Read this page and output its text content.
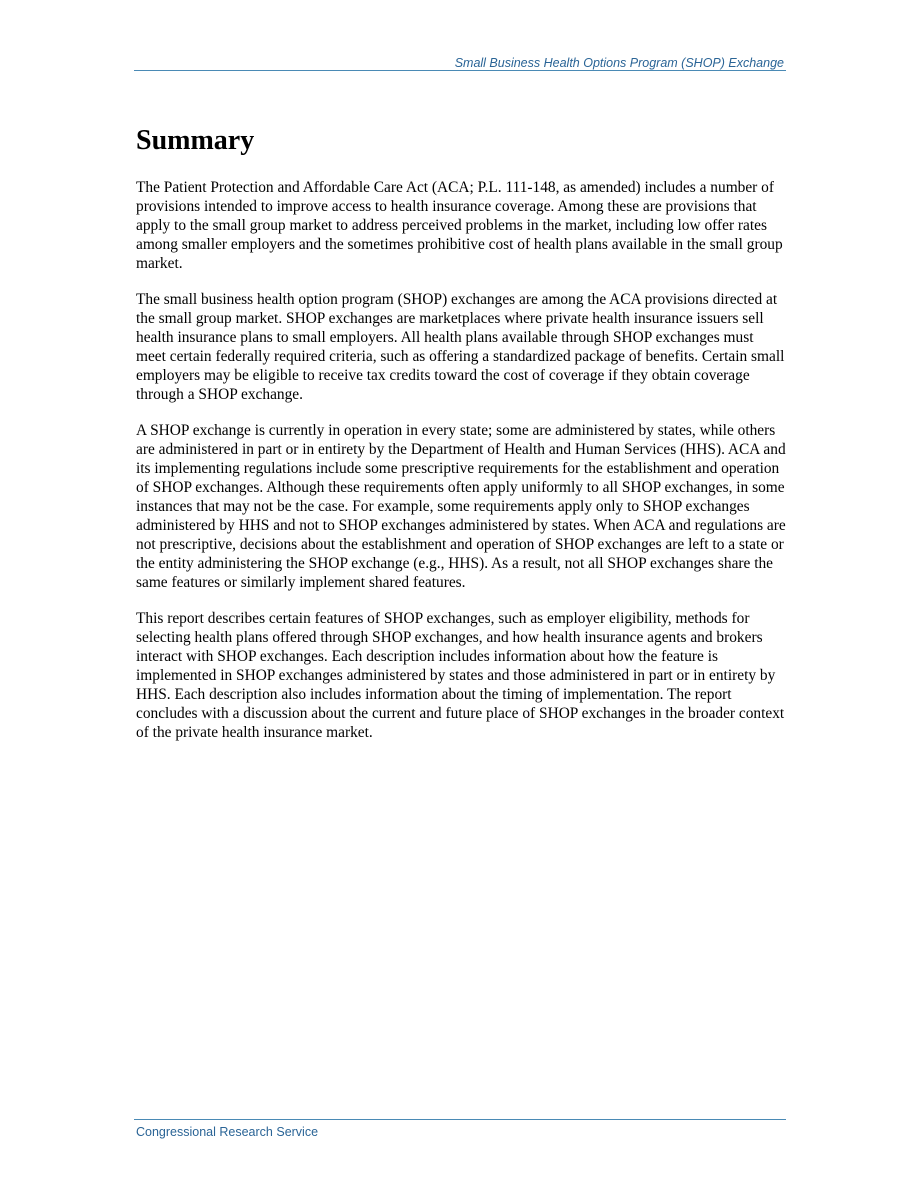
Small Business Health Options Program (SHOP) Exchange
Summary

The Patient Protection and Affordable Care Act (ACA; P.L. 111-148, as amended) includes a number of provisions intended to improve access to health insurance coverage. Among these are provisions that apply to the small group market to address perceived problems in the market, including low offer rates among smaller employers and the sometimes prohibitive cost of health plans available in the small group market.

The small business health option program (SHOP) exchanges are among the ACA provisions directed at the small group market. SHOP exchanges are marketplaces where private health insurance issuers sell health insurance plans to small employers. All health plans available through SHOP exchanges must meet certain federally required criteria, such as offering a standardized package of benefits. Certain small employers may be eligible to receive tax credits toward the cost of coverage if they obtain coverage through a SHOP exchange.

A SHOP exchange is currently in operation in every state; some are administered by states, while others are administered in part or in entirety by the Department of Health and Human Services (HHS). ACA and its implementing regulations include some prescriptive requirements for the establishment and operation of SHOP exchanges. Although these requirements often apply uniformly to all SHOP exchanges, in some instances that may not be the case. For example, some requirements apply only to SHOP exchanges administered by HHS and not to SHOP exchanges administered by states. When ACA and regulations are not prescriptive, decisions about the establishment and operation of SHOP exchanges are left to a state or the entity administering the SHOP exchange (e.g., HHS). As a result, not all SHOP exchanges share the same features or similarly implement shared features.

This report describes certain features of SHOP exchanges, such as employer eligibility, methods for selecting health plans offered through SHOP exchanges, and how health insurance agents and brokers interact with SHOP exchanges. Each description includes information about how the feature is implemented in SHOP exchanges administered by states and those administered in part or in entirety by HHS. Each description also includes information about the timing of implementation. The report concludes with a discussion about the current and future place of SHOP exchanges in the broader context of the private health insurance market.

Congressional Research Service
